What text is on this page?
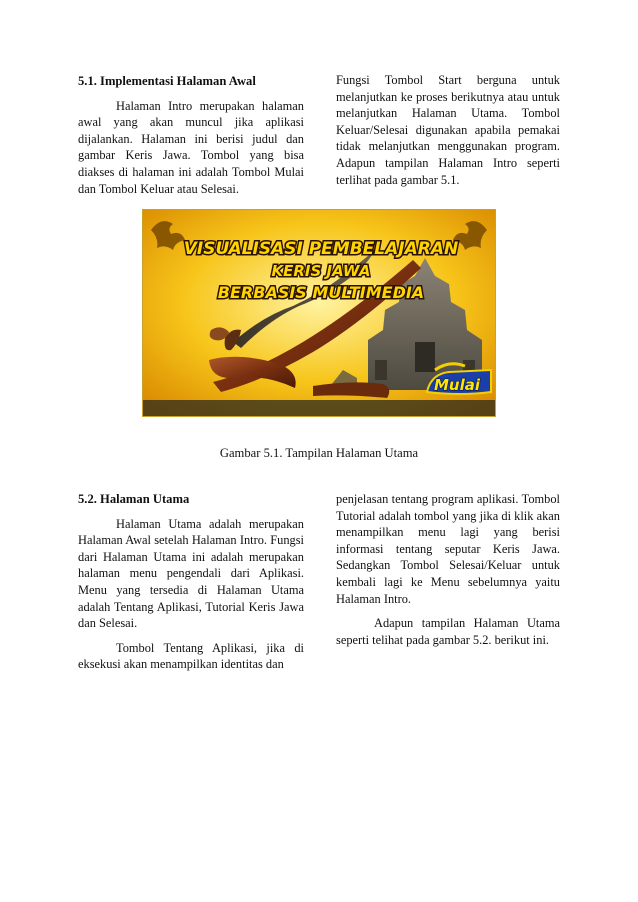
5.1. Implementasi Halaman Awal

Halaman Intro merupakan halaman awal yang akan muncul jika aplikasi dijalankan. Halaman ini berisi judul dan gambar Keris Jawa. Tombol yang bisa diakses di halaman ini adalah Tombol Mulai dan Tombol Keluar atau Selesai.

Fungsi Tombol Start berguna untuk melanjutkan ke proses berikutnya atau untuk melanjutkan Halaman Utama. Tombol Keluar/Selesai digunakan apabila pemakai tidak melanjutkan menggunakan program. Adapun tampilan Halaman Intro seperti terlihat pada gambar 5.1.

VISUALISASI PEMBELAJARAN
KERIS JAWA
BERBASIS MULTIMEDIA
Mulai
Gambar 5.1. Tampilan Halaman Utama

5.2. Halaman Utama

Halaman Utama adalah merupakan Halaman Awal setelah Halaman Intro. Fungsi dari Halaman Utama ini adalah merupakan halaman menu pengendali dari Aplikasi. Menu yang tersedia di Halaman Utama adalah Tentang Aplikasi, Tutorial Keris Jawa dan Selesai.

Tombol Tentang Aplikasi, jika di eksekusi akan menampilkan identitas dan

penjelasan tentang program aplikasi. Tombol Tutorial adalah tombol yang jika di klik akan menampilkan menu lagi yang berisi informasi tentang seputar Keris Jawa. Sedangkan Tombol Selesai/Keluar untuk kembali lagi ke Menu sebelumnya yaitu Halaman Intro.

Adapun tampilan Halaman Utama seperti telihat pada gambar 5.2. berikut ini.
